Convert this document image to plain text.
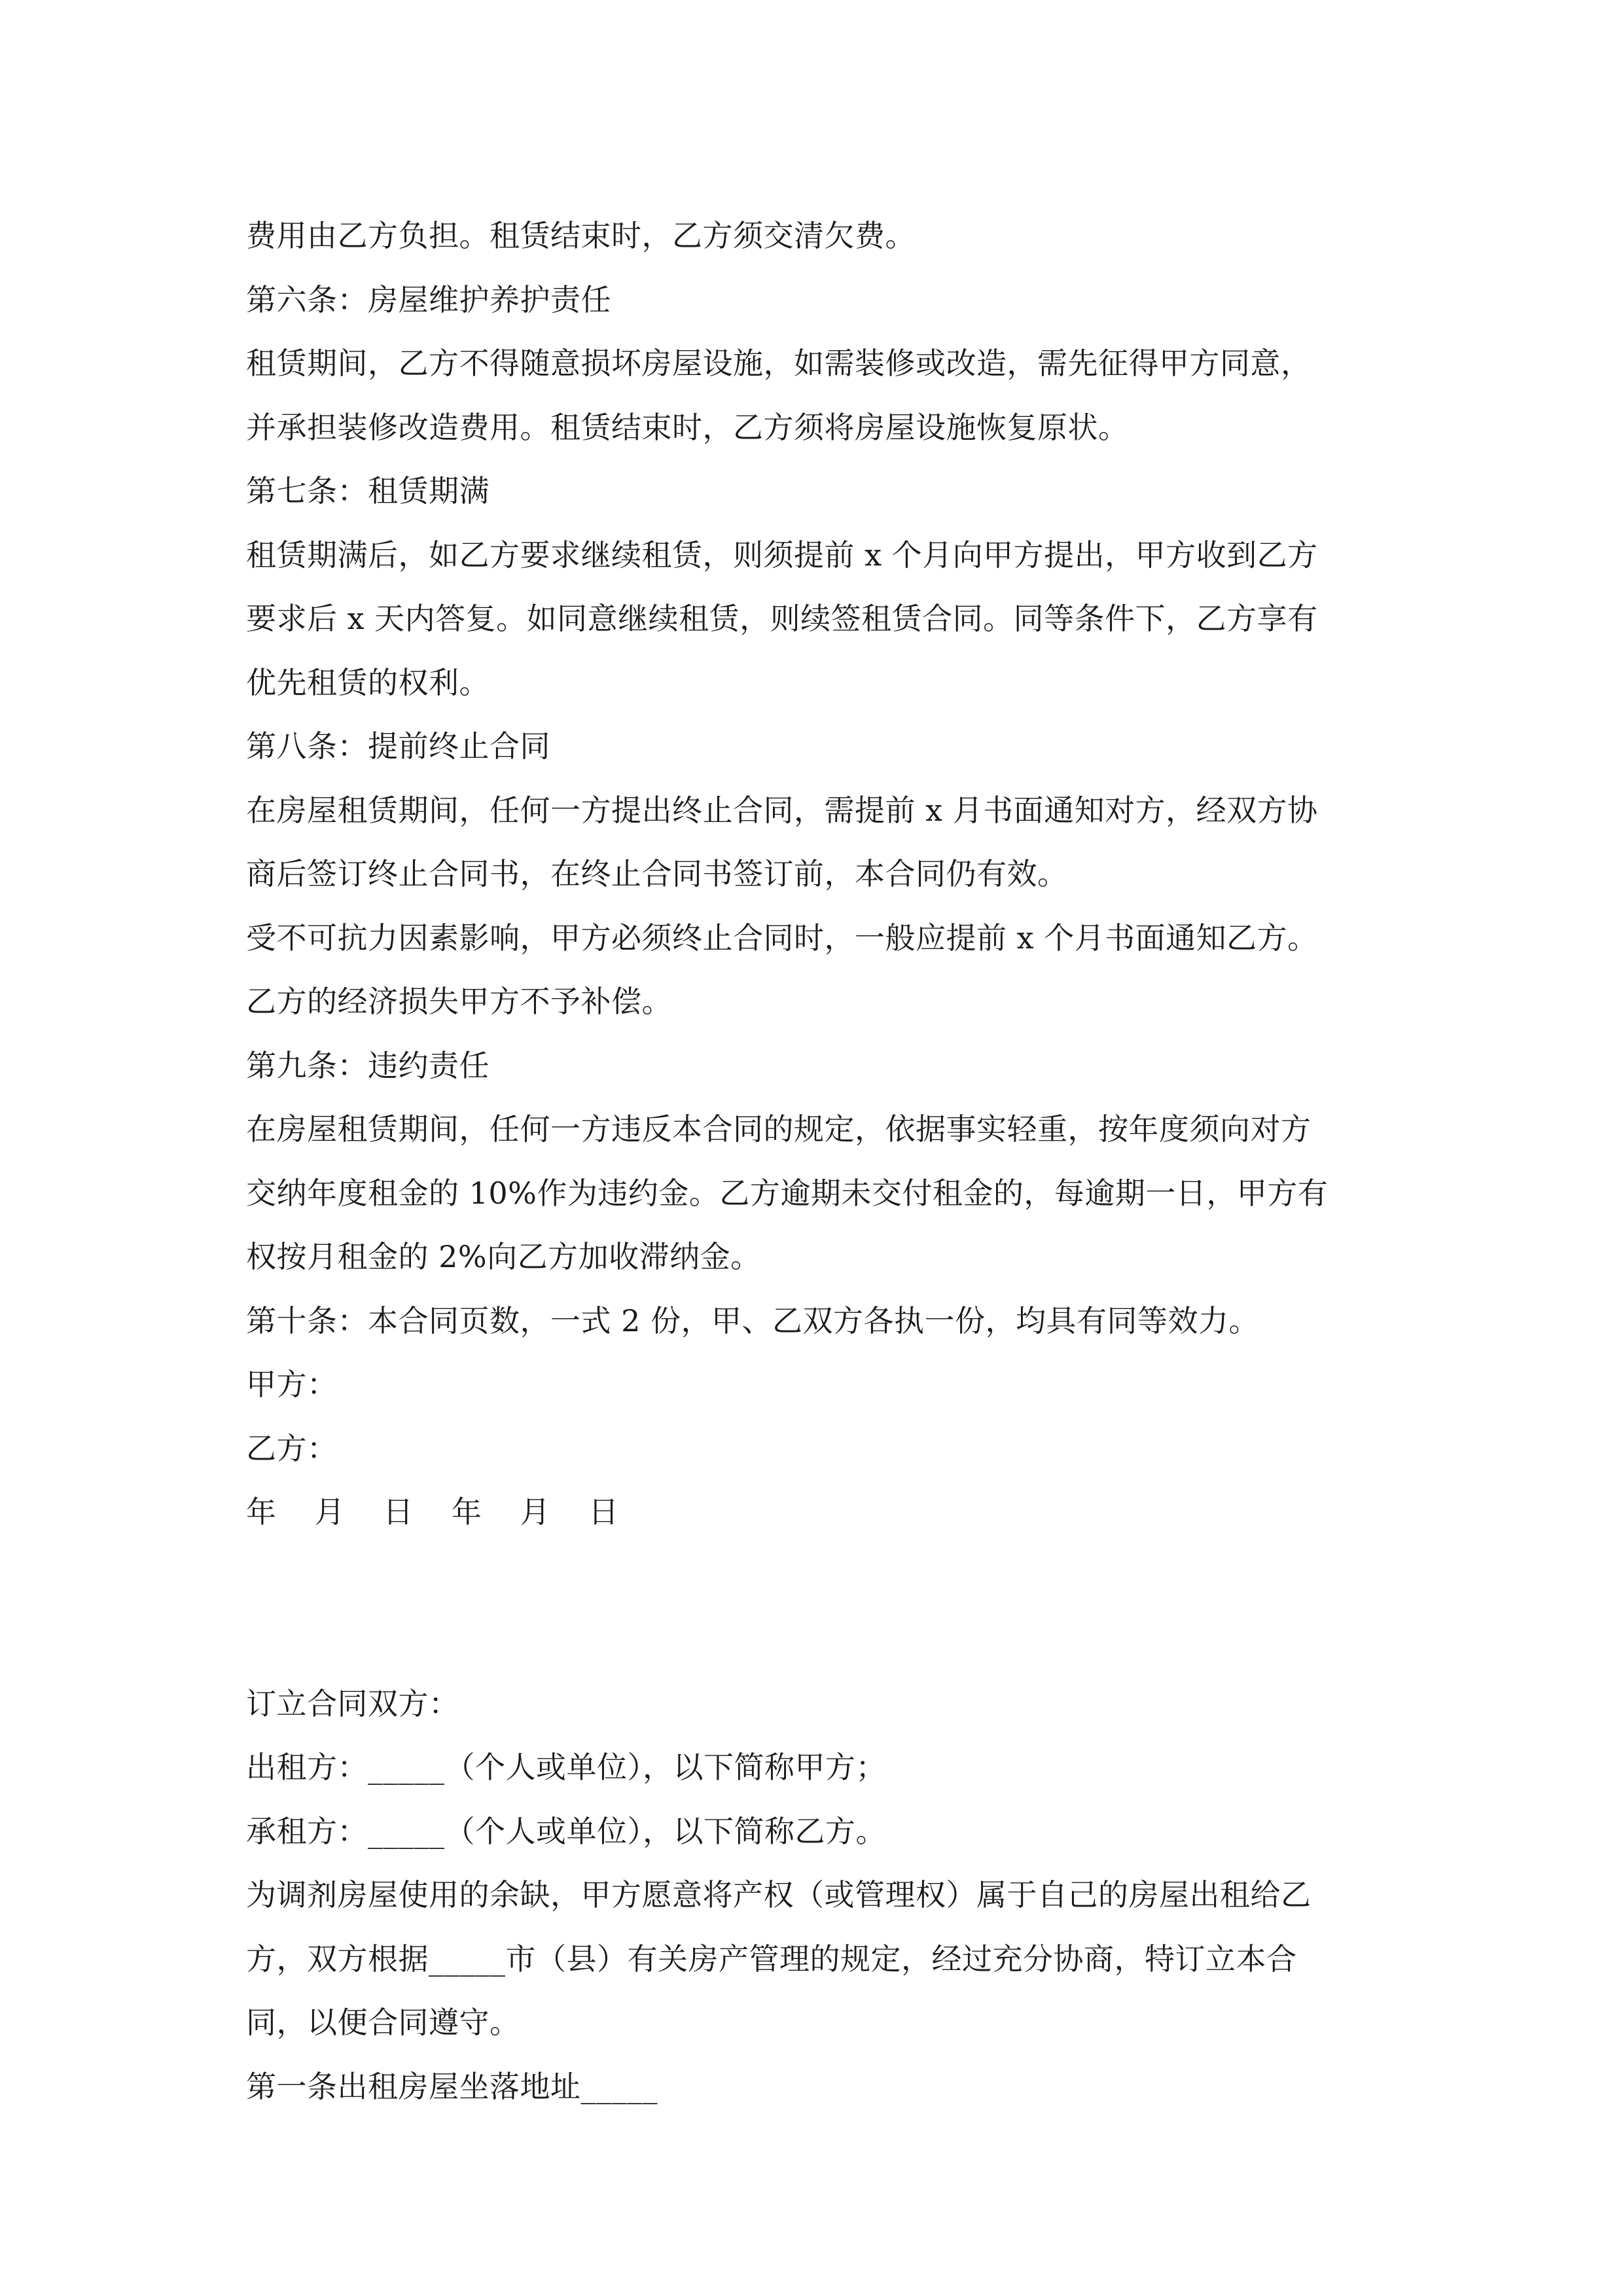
费用由乙方负担。租赁结束时，乙方须交清欠费。
第六条：房屋维护养护责任
租赁期间，乙方不得随意损坏房屋设施，如需装修或改造，需先征得甲方同意，
并承担装修改造费用。租赁结束时，乙方须将房屋设施恢复原状。
第七条：租赁期满
租赁期满后，如乙方要求继续租赁，则须提前 x 个月向甲方提出，甲方收到乙方
要求后 x 天内答复。如同意继续租赁，则续签租赁合同。同等条件下，乙方享有
优先租赁的权利。
第八条：提前终止合同
在房屋租赁期间，任何一方提出终止合同，需提前 x 月书面通知对方，经双方协
商后签订终止合同书，在终止合同书签订前，本合同仍有效。
受不可抗力因素影响，甲方必须终止合同时，一般应提前 x 个月书面通知乙方。
乙方的经济损失甲方不予补偿。
第九条：违约责任
在房屋租赁期间，任何一方违反本合同的规定，依据事实轻重，按年度须向对方
交纳年度租金的 10%作为违约金。乙方逾期未交付租金的，每逾期一日，甲方有
权按月租金的 2%向乙方加收滞纳金。
第十条：本合同页数，一式 2 份，甲、乙双方各执一份，均具有同等效力。
甲方：
乙方：
年 月 日 年 月 日
订立合同双方：
出租方：_____（个人或单位），以下简称甲方；
承租方：_____（个人或单位），以下简称乙方。
为调剂房屋使用的余缺，甲方愿意将产权（或管理权）属于自己的房屋出租给乙
方，双方根据_____市（县）有关房产管理的规定，经过充分协商，特订立本合
同，以便合同遵守。
第一条出租房屋坐落地址_____
